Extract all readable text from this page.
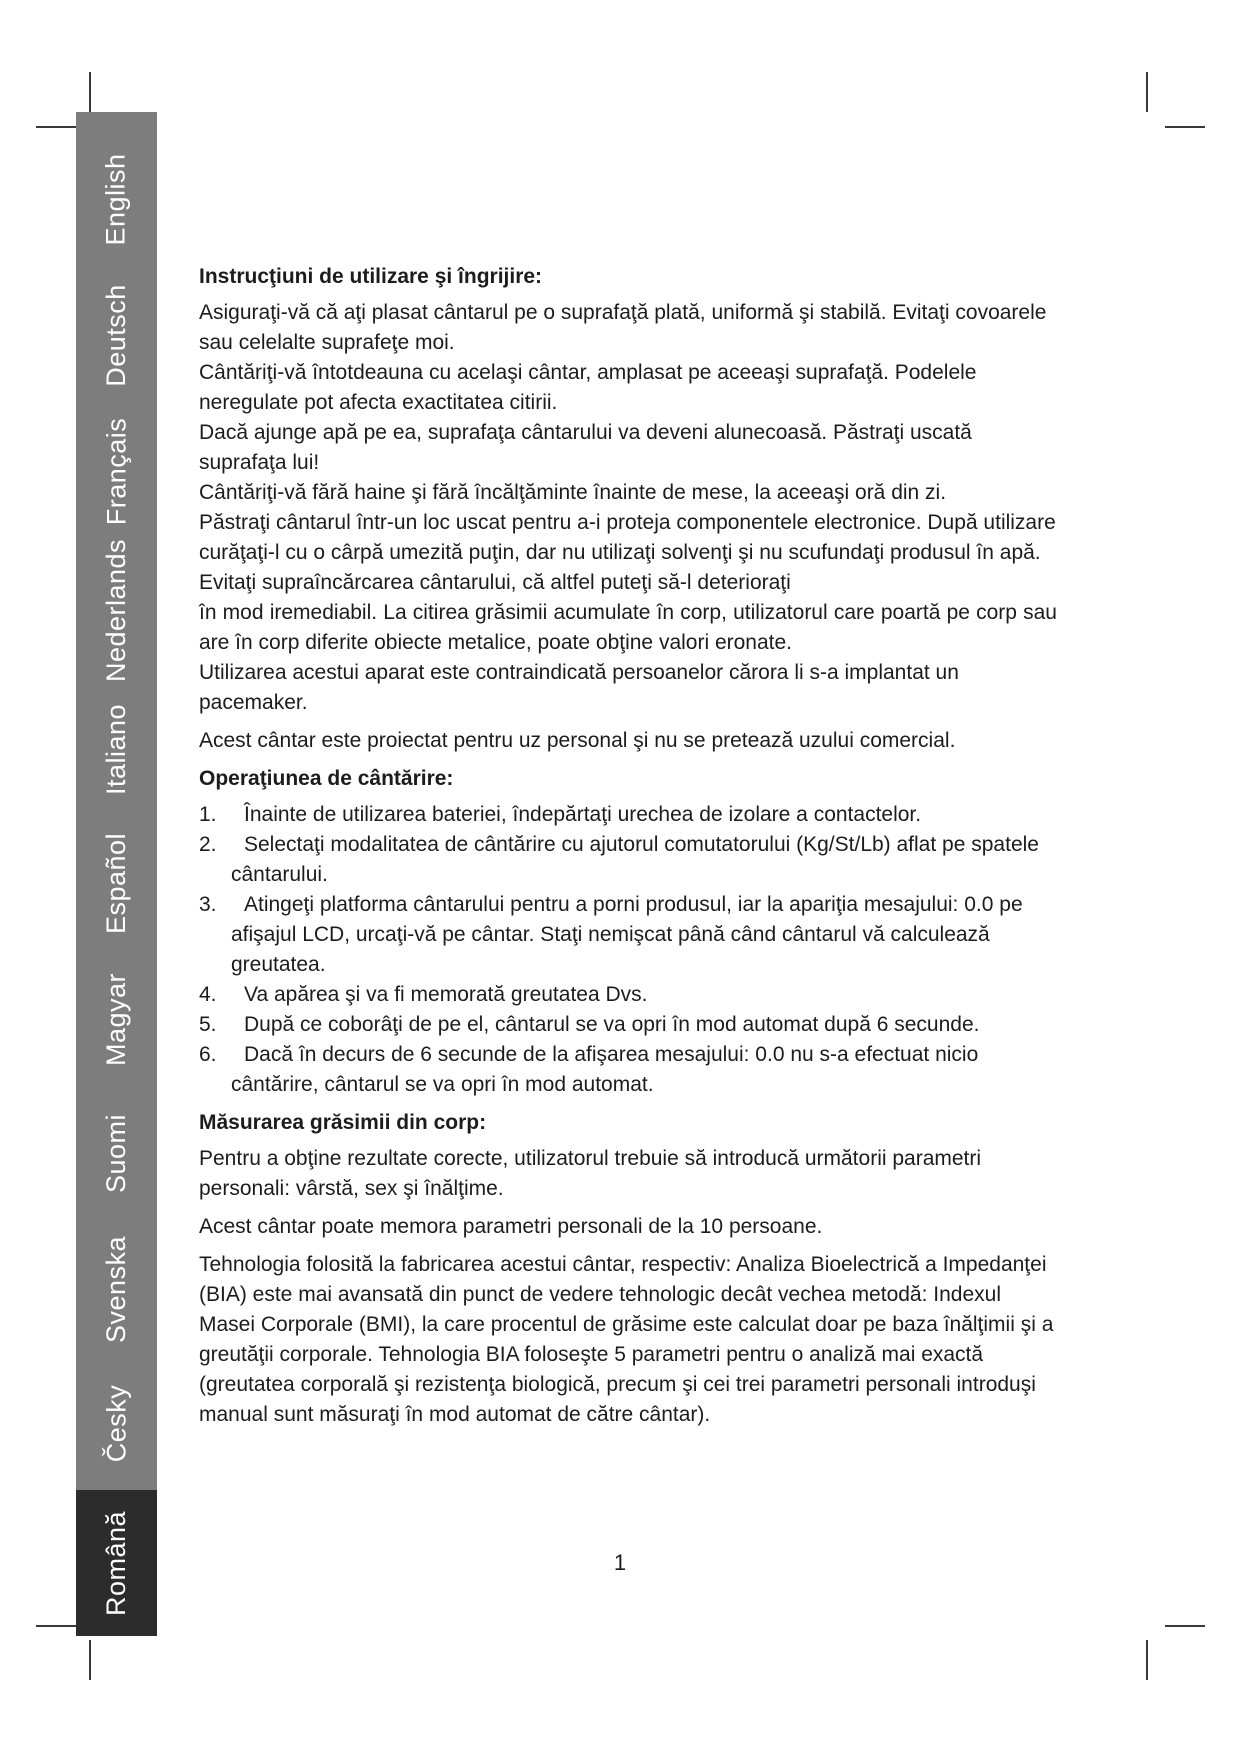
English
Deutsch
Français
Nederlands
Italiano
Español
Magyar
Suomi
Svenska
Česky
Română
Instrucţiuni de utilizare şi îngrijire:

Asiguraţi-vă că aţi plasat cântarul pe o suprafaţă plată, uniformă şi stabilă. Evitaţi covoarele sau celelalte suprafeţe moi.

Cântăriţi-vă întotdeauna cu acelaşi cântar, amplasat pe aceeaşi suprafaţă. Podelele neregulate pot afecta exactitatea citirii.

Dacă ajunge apă pe ea, suprafaţa cântarului va deveni alunecoasă. Păstraţi uscată suprafaţa lui!

Cântăriţi-vă fără haine şi fără încălţăminte înainte de mese, la aceeaşi oră din zi.

Păstraţi cântarul într-un loc uscat pentru a-i proteja componentele electronice. După utilizare curăţaţi-l cu o cârpă umezită puţin, dar nu utilizaţi solvenţi şi nu scufundaţi produsul în apă. Evitaţi supraîncărcarea cântarului, că altfel puteţi să-l deterioraţi

în mod iremediabil. La citirea grăsimii acumulate în corp, utilizatorul care poartă pe corp sau are în corp diferite obiecte metalice, poate obţine valori eronate.

Utilizarea acestui aparat este contraindicată persoanelor cărora li s-a implantat un pacemaker.

Acest cântar este proiectat pentru uz personal şi nu se pretează uzului comercial.

Operaţiunea de cântărire:
1. Înainte de utilizarea bateriei, îndepărtaţi urechea de izolare a contactelor.
2. Selectaţi modalitatea de cântărire cu ajutorul comutatorului (Kg/St/Lb) aflat pe spatele cântarului.
3. Atingeţi platforma cântarului pentru a porni produsul, iar la apariţia mesajului: 0.0 pe afişajul LCD, urcaţi-vă pe cântar. Staţi nemişcat până când cântarul vă calculează greutatea.
4. Va apărea şi va fi memorată greutatea Dvs.
5. După ce coborâţi de pe el, cântarul se va opri în mod automat după 6 secunde.
6. Dacă în decurs de 6 secunde de la afişarea mesajului: 0.0 nu s-a efectuat nicio cântărire, cântarul se va opri în mod automat.
Măsurarea grăsimii din corp:

Pentru a obţine rezultate corecte, utilizatorul trebuie să introducă următorii parametri personali: vârstă, sex şi înălţime.

Acest cântar poate memora parametri personali de la 10 persoane.

Tehnologia folosită la fabricarea acestui cântar, respectiv: Analiza Bioelectrică a Impedanţei (BIA) este mai avansată din punct de vedere tehnologic decât vechea metodă: Indexul Masei Corporale (BMI), la care procentul de grăsime este calculat doar pe baza înălţimii şi a greutăţii corporale. Tehnologia BIA foloseşte 5 parametri pentru o analiză mai exactă (greutatea corporală şi rezistenţa biologică, precum şi cei trei parametri personali introduşi manual sunt măsuraţi în mod automat de către cântar).

1
